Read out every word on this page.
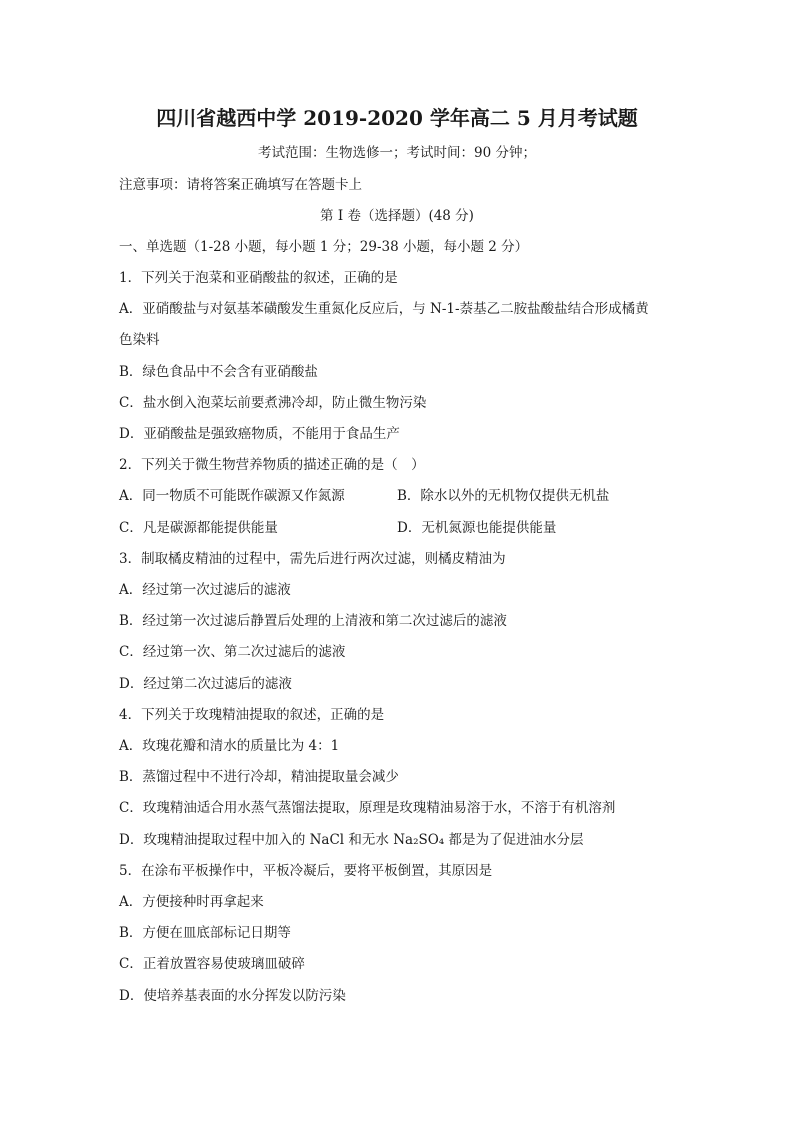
四川省越西中学 2019-2020 学年高二 5 月月考试题
考试范围：生物选修一；考试时间：90 分钟；
注意事项：请将答案正确填写在答题卡上
第 I 卷（选择题）(48 分)
一、单选题（1-28 小题，每小题 1 分；29-38 小题，每小题 2 分）
1．下列关于泡菜和亚硝酸盐的叙述，正确的是
A．亚硝酸盐与对氨基苯磺酸发生重氮化反应后，与 N-1-萘基乙二胺盐酸盐结合形成橘黄
色染料
B．绿色食品中不会含有亚硝酸盐
C．盐水倒入泡菜坛前要煮沸冷却，防止微生物污染
D．亚硝酸盐是强致癌物质，不能用于食品生产
2．下列关于微生物营养物质的描述正确的是（　）
A．同一物质不可能既作碳源又作氮源	B．除水以外的无机物仅提供无机盐
C．凡是碳源都能提供能量	D．无机氮源也能提供能量
3．制取橘皮精油的过程中，需先后进行两次过滤，则橘皮精油为
A．经过第一次过滤后的滤液
B．经过第一次过滤后静置后处理的上清液和第二次过滤后的滤液
C．经过第一次、第二次过滤后的滤液
D．经过第二次过滤后的滤液
4．下列关于玫瑰精油提取的叙述，正确的是
A．玫瑰花瓣和清水的质量比为 4：1
B．蒸馏过程中不进行冷却，精油提取量会减少
C．玫瑰精油适合用水蒸气蒸馏法提取，原理是玫瑰精油易溶于水，不溶于有机溶剂
D．玫瑰精油提取过程中加入的 NaCl 和无水 Na₂SO₄ 都是为了促进油水分层
5．在涂布平板操作中，平板冷凝后，要将平板倒置，其原因是
A．方便接种时再拿起来
B．方便在皿底部标记日期等
C．正着放置容易使玻璃皿破碎
D．使培养基表面的水分挥发以防污染
